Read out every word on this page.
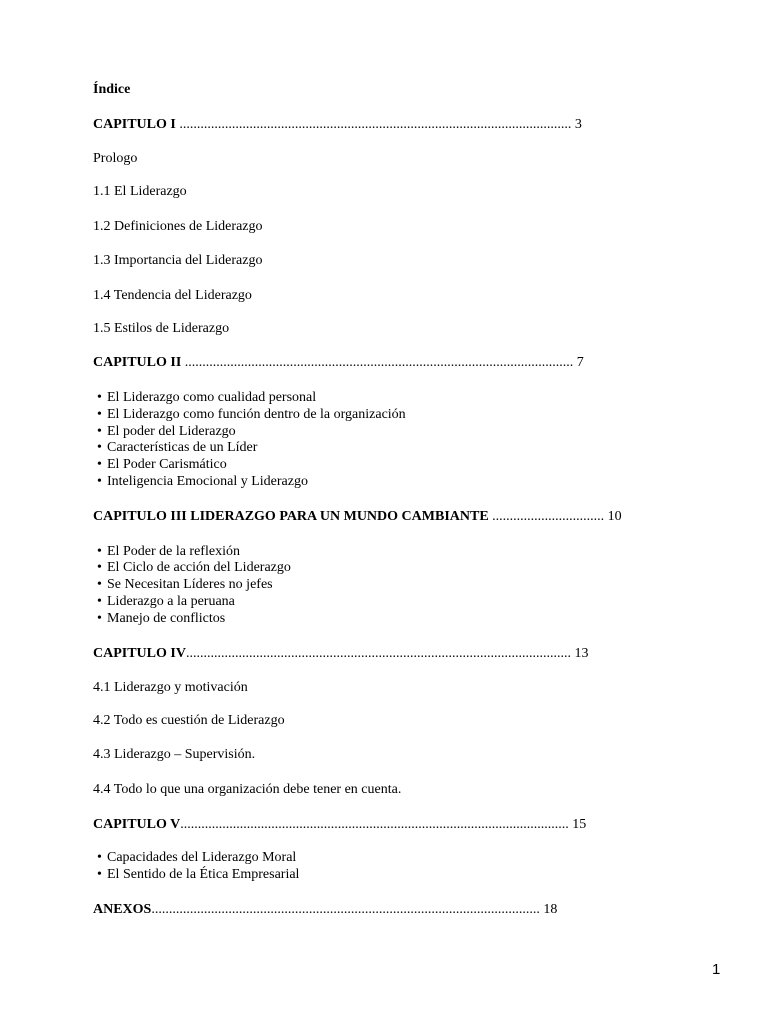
Índice
CAPITULO I ................................................................................................................ 3
Prologo
1.1 El Liderazgo
1.2 Definiciones de Liderazgo
1.3 Importancia del Liderazgo
1.4 Tendencia del Liderazgo
1.5 Estilos de Liderazgo
CAPITULO II ............................................................................................................... 7
• El Liderazgo como cualidad personal
• El Liderazgo como función dentro de la organización
• El poder del Liderazgo
• Características de un Líder
• El Poder Carismático
• Inteligencia Emocional y Liderazgo
CAPITULO III LIDERAZGO PARA UN MUNDO CAMBIANTE ................................ 10
• El Poder de la reflexión
• El Ciclo de acción del Liderazgo
• Se Necesitan Líderes no jefes
• Liderazgo a la peruana
• Manejo de conflictos
CAPITULO IV.............................................................................................................. 13
4.1 Liderazgo y motivación
4.2 Todo es cuestión de Liderazgo
4.3 Liderazgo – Supervisión.
4.4 Todo lo que una organización debe tener en cuenta.
CAPITULO V............................................................................................................... 15
• Capacidades del Liderazgo Moral
• El Sentido de la Ética Empresarial
ANEXOS............................................................................................................... 18
1
